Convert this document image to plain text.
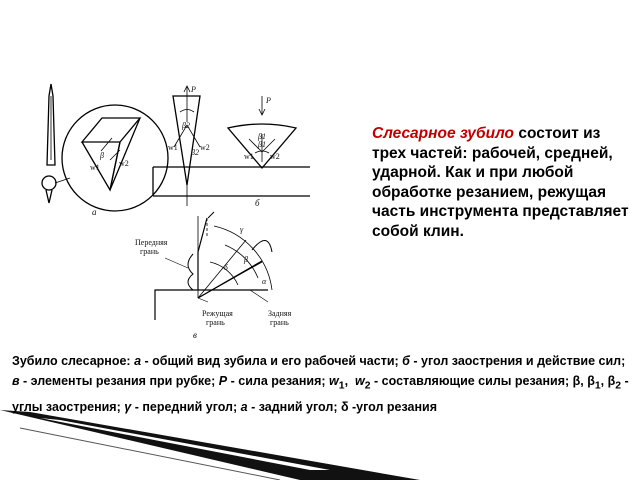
β
w1 w2
а
P
P
β2
w1	w2
β2
β1
β1
w1 w2
б
Передняя
грань
γ
β
δ
α
Режущая
грань
Задняя
грань
в
Слесарное зубило состоит из трех частей: рабочей, средней, ударной. Как и при любой обработке резанием, режущая часть инструмента представляет собой клин.
Зубило слесарное: а - общий вид зубила и его рабочей части; б - угол заострения и действие сил; в - элементы резания при рубке; P - сила резания; $w_1$, $w_2$ - составляющие силы резания; β, $\beta_1$, $\beta_2$ - углы заострения; γ - передний угол; а - задний угол; δ -угол резания
